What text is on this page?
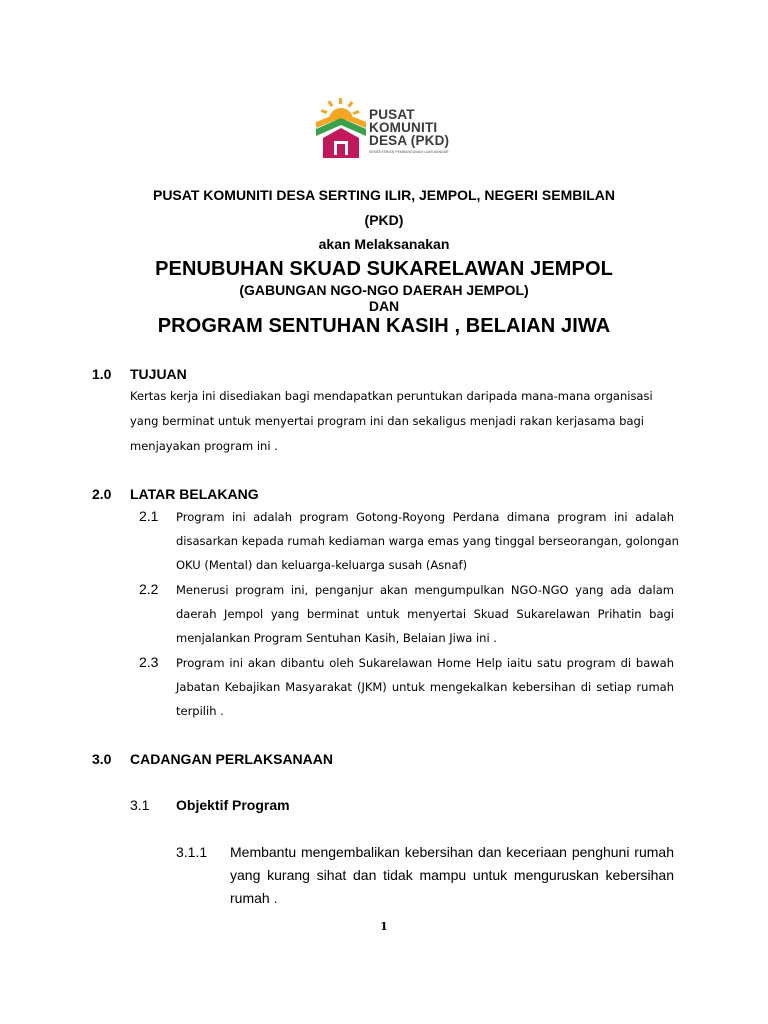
PUSAT
KOMUNITI
DESA (PKD)
KEMENTERIAN PEMBANGUNAN LUAR BANDAR
PUSAT KOMUNITI DESA SERTING ILIR, JEMPOL, NEGERI SEMBILAN
(PKD)
akan Melaksanakan
PENUBUHAN SKUAD SUKARELAWAN JEMPOL
(GABUNGAN NGO-NGO DAERAH JEMPOL)
DAN
PROGRAM SENTUHAN KASIH , BELAIAN JIWA
1.0 TUJUAN
Kertas kerja ini disediakan bagi mendapatkan peruntukan daripada mana-mana organisasi
yang berminat untuk menyertai program ini dan sekaligus menjadi rakan kerjasama bagi
menjayakan program ini .
2.0 LATAR BELAKANG
2.1 Program ini adalah program Gotong-Royong Perdana dimana program ini adalah
disasarkan kepada rumah kediaman warga emas yang tinggal berseorangan, golongan
OKU (Mental) dan keluarga-keluarga susah (Asnaf)
2.2 Menerusi program ini, penganjur akan mengumpulkan NGO-NGO yang ada dalam
daerah Jempol yang berminat untuk menyertai Skuad Sukarelawan Prihatin bagi
menjalankan Program Sentuhan Kasih, Belaian Jiwa ini .
2.3 Program ini akan dibantu oleh Sukarelawan Home Help iaitu satu program di bawah
Jabatan Kebajikan Masyarakat (JKM) untuk mengekalkan kebersihan di setiap rumah
terpilih .
3.0 CADANGAN PERLAKSANAAN
3.1 Objektif Program
3.1.1 Membantu mengembalikan kebersihan dan keceriaan penghuni rumah
yang kurang sihat dan tidak mampu untuk menguruskan kebersihan
rumah .
1
